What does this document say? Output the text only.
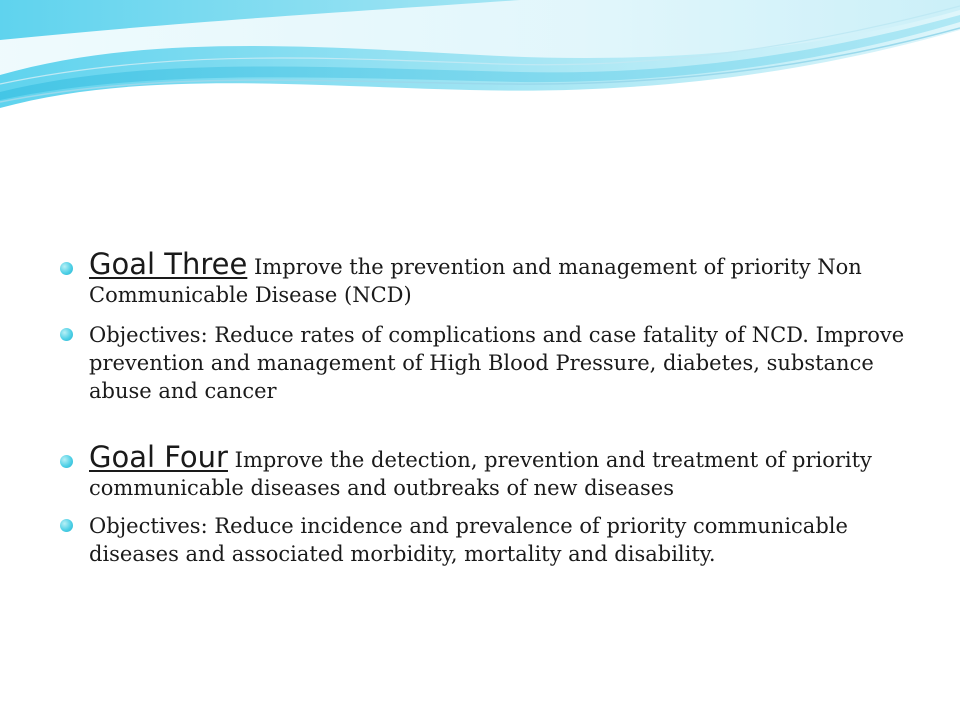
Goal Three Improve the prevention and management of priority Non Communicable Disease (NCD)
Objectives: Reduce rates of complications and case fatality of NCD. Improve prevention and management of High Blood Pressure, diabetes, substance abuse and cancer
Goal Four Improve the detection, prevention and treatment of priority communicable diseases and outbreaks of new diseases
Objectives: Reduce incidence and prevalence of priority communicable diseases and associated morbidity, mortality and disability.
